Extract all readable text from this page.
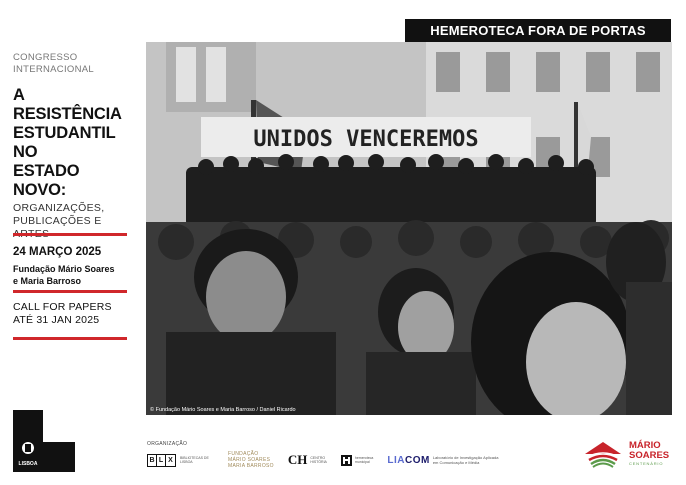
HEMEROTECA FORA DE PORTAS
CONGRESSO
INTERNACIONAL
A RESISTÊNCIA
ESTUDANTIL NO
ESTADO NOVO:
ORGANIZAÇÕES,
PUBLICAÇÕES E
24 MARÇO 2025
Fundação Mário Soares
e Maria Barroso
CALL FOR PAPERS
ATÉ 31 JAN 2025
UNIDOS VENCEREMOS
© Fundação Mário Soares e Maria Barroso / Daniel Ricardo
LISBOA
ORGANIZAÇÃO
B L X	BIBLIOTECAS DE LISBOA
FUNDAÇÃO
MÁRIO SOARES
MARIA BARROSO CH CENTRO
HISTÓRIA
hemeroteca
municipal	LIACOM Laboratório de Investigação Aplicada
em Comunicação e Média
MÁRIO
SOARES
CENTENÁRIO
